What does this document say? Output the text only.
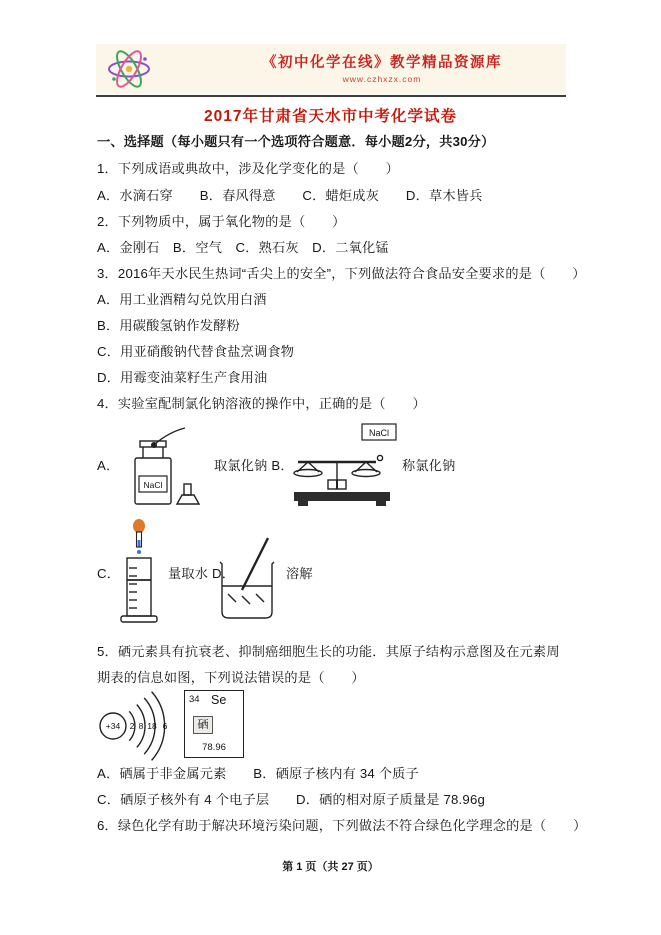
《初中化学在线》教学精品资源库
www.czhxzx.com
2017年甘肃省天水市中考化学试卷
一、选择题（每小题只有一个选项符合题意．每小题2分，共30分）
1．下列成语或典故中，涉及化学变化的是（　　）
A．水滴石穿　　B．春风得意　　C．蜡炬成灰　　D．草木皆兵
2．下列物质中，属于氧化物的是（　　）
A．金刚石　B．空气　C．熟石灰　D．二氧化锰
3．2016年天水民生热词“舌尖上的安全”，下列做法符合食品安全要求的是（　　）
A．用工业酒精勾兑饮用白酒
B．用碳酸氢钠作发酵粉
C．用亚硝酸钠代替食盐烹调食物
D．用霉变油菜籽生产食用油
4．实验室配制氯化钠溶液的操作中，正确的是（　　）
A．
NaCl
取氯化钠 B．
NaCl
称氯化钠
C．	量取水 D．	溶解
5．硒元素具有抗衰老、抑制癌细胞生长的功能．其原子结构示意图及在元素周
期表的信息如图，下列说法错误的是（　　）
+34 2 8 18 6
34 Se
硒
78.96
A．硒属于非金属元素　　B．硒原子核内有 34 个质子
C．硒原子核外有 4 个电子层　　D．硒的相对原子质量是 78.96g
6．绿色化学有助于解决环境污染问题，下列做法不符合绿色化学理念的是（　　）
第 1 页（共 27 页）
